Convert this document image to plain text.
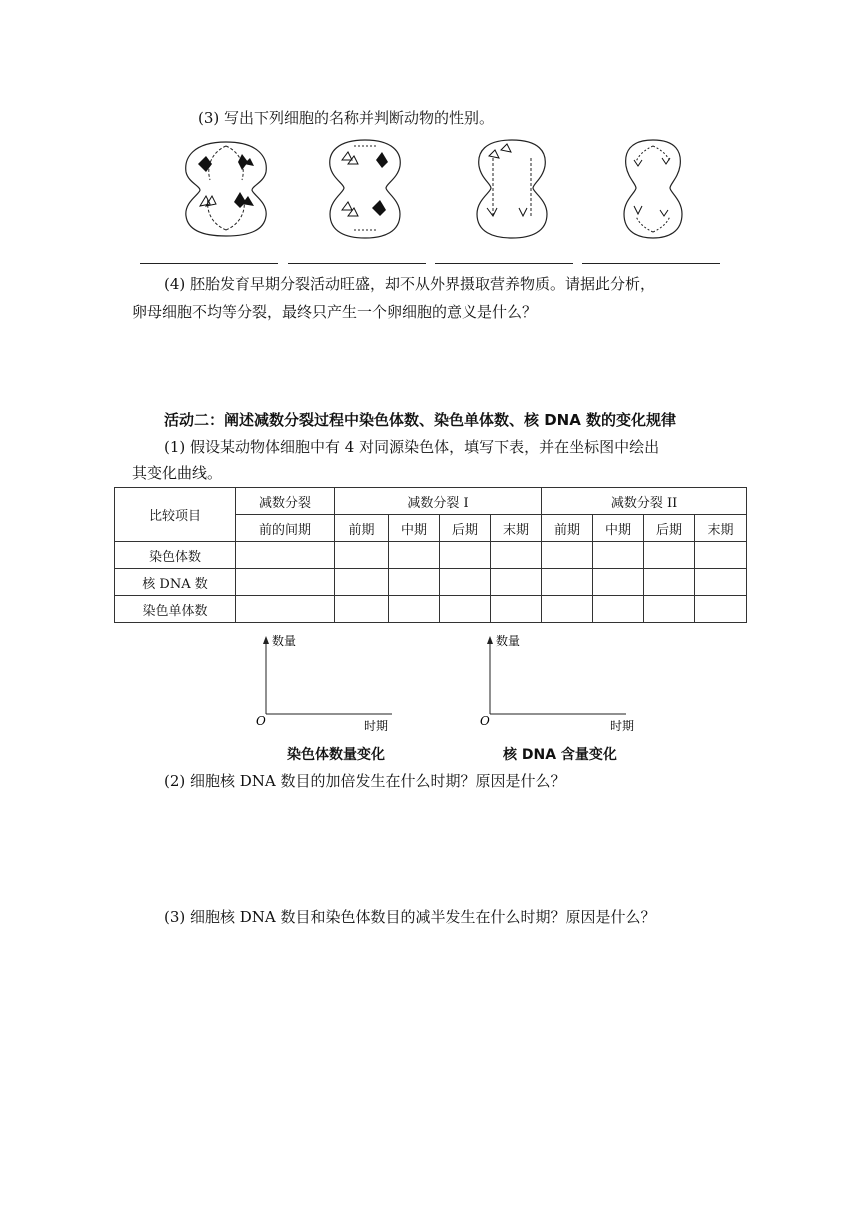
(3) 写出下列细胞的名称并判断动物的性别。
(4) 胚胎发育早期分裂活动旺盛，却不从外界摄取营养物质。请据此分析，
卵母细胞不均等分裂，最终只产生一个卵细胞的意义是什么？
活动二：阐述减数分裂过程中染色体数、染色单体数、核 DNA 数的变化规律
(1) 假设某动物体细胞中有 4 对同源染色体，填写下表，并在坐标图中绘出
其变化曲线。
比较项目	减数分裂	减数分裂 I				减数分裂 II			
	前的间期	前期	中期	后期	末期	前期	中期	后期	末期
染色体数									
核 DNA 数									
染色单体数									
数量
O	时期
染色体数量变化
数量
O	时期
核 DNA 含量变化
(2) 细胞核 DNA 数目的加倍发生在什么时期？原因是什么？
(3) 细胞核 DNA 数目和染色体数目的减半发生在什么时期？原因是什么？
